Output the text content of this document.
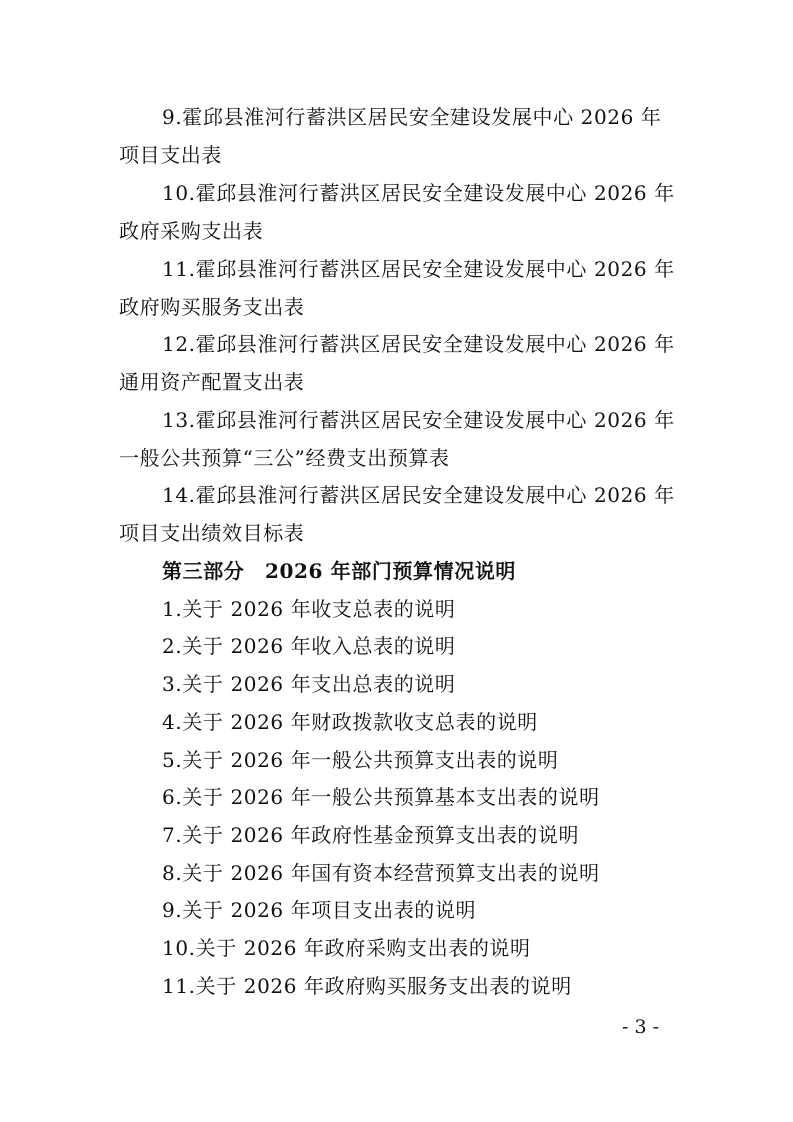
9.霍邱县淮河行蓄洪区居民安全建设发展中心 2026 年
项目支出表
10.霍邱县淮河行蓄洪区居民安全建设发展中心 2026 年
政府采购支出表
11.霍邱县淮河行蓄洪区居民安全建设发展中心 2026 年
政府购买服务支出表
12.霍邱县淮河行蓄洪区居民安全建设发展中心 2026 年
通用资产配置支出表
13.霍邱县淮河行蓄洪区居民安全建设发展中心 2026 年
一般公共预算“三公”经费支出预算表
14.霍邱县淮河行蓄洪区居民安全建设发展中心 2026 年
项目支出绩效目标表
第三部分　2026 年部门预算情况说明
1.关于 2026 年收支总表的说明
2.关于 2026 年收入总表的说明
3.关于 2026 年支出总表的说明
4.关于 2026 年财政拨款收支总表的说明
5.关于 2026 年一般公共预算支出表的说明
6.关于 2026 年一般公共预算基本支出表的说明
7.关于 2026 年政府性基金预算支出表的说明
8.关于 2026 年国有资本经营预算支出表的说明
9.关于 2026 年项目支出表的说明
10.关于 2026 年政府采购支出表的说明
11.关于 2026 年政府购买服务支出表的说明
- 3 -
